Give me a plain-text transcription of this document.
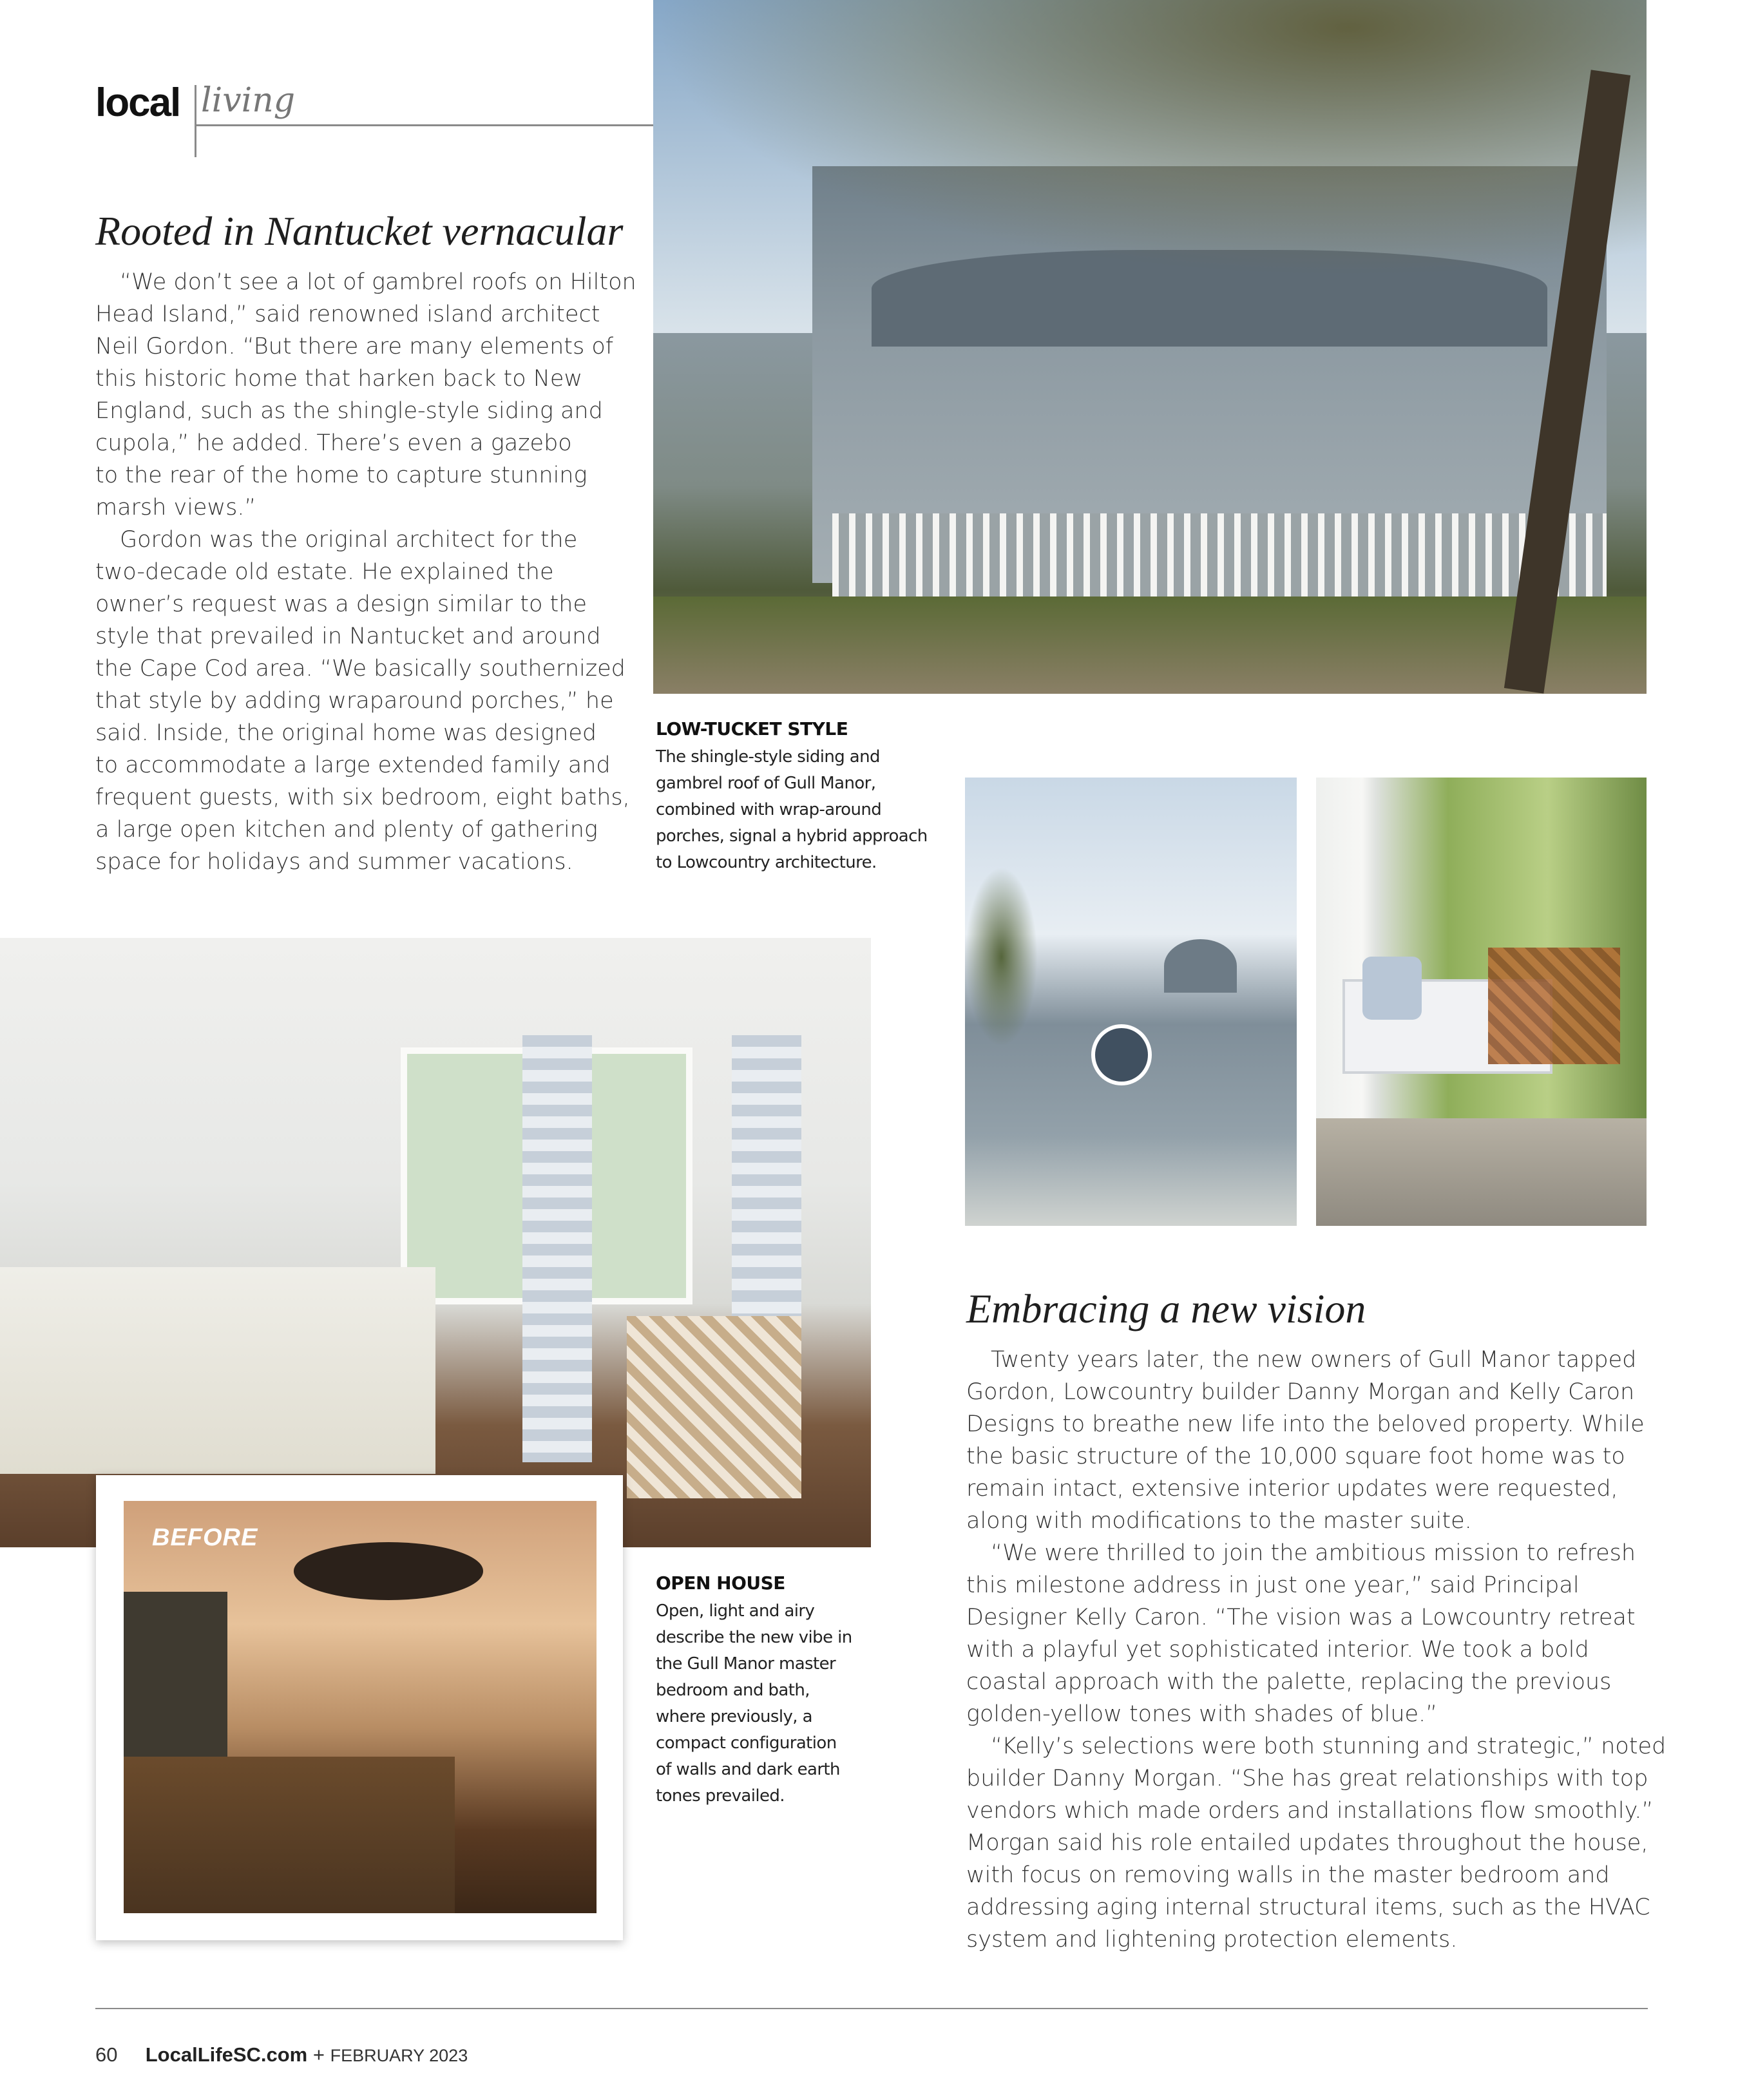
local living
Rooted in Nantucket vernacular
“We don’t see a lot of gambrel roofs on Hilton
Head Island,” said renowned island architect
Neil Gordon. “But there are many elements of
this historic home that harken back to New
England, such as the shingle-style siding and
cupola,” he added. There’s even a gazebo
to the rear of the home to capture stunning
marsh views.”
Gordon was the original architect for the
two-decade old estate. He explained the
owner’s request was a design similar to the
style that prevailed in Nantucket and around
the Cape Cod area. “We basically southernized
that style by adding wraparound porches,” he
said. Inside, the original home was designed
to accommodate a large extended family and
frequent guests, with six bedroom, eight baths,
a large open kitchen and plenty of gathering
space for holidays and summer vacations.
LOW-TUCKET STYLE
The shingle-style siding and
gambrel roof of Gull Manor,
combined with wrap-around
porches, signal a hybrid approach
to Lowcountry architecture.
BEFORE
OPEN HOUSE
Open, light and airy
describe the new vibe in
the Gull Manor master
bedroom and bath,
where previously, a
compact configuration
of walls and dark earth
tones prevailed.
Embracing a new vision
Twenty years later, the new owners of Gull Manor tapped
Gordon, Lowcountry builder Danny Morgan and Kelly Caron
Designs to breathe new life into the beloved property. While
the basic structure of the 10,000 square foot home was to
remain intact, extensive interior updates were requested,
along with modifications to the master suite.
“We were thrilled to join the ambitious mission to refresh
this milestone address in just one year,” said Principal
Designer Kelly Caron. “The vision was a Lowcountry retreat
with a playful yet sophisticated interior. We took a bold
coastal approach with the palette, replacing the previous
golden-yellow tones with shades of blue.”
“Kelly’s selections were both stunning and strategic,” noted
builder Danny Morgan. “She has great relationships with top
vendors which made orders and installations flow smoothly.”
Morgan said his role entailed updates throughout the house,
with focus on removing walls in the master bedroom and
addressing aging internal structural items, such as the HVAC
system and lightening protection elements.
60 LocalLifeSC.com + FEBRUARY 2023
